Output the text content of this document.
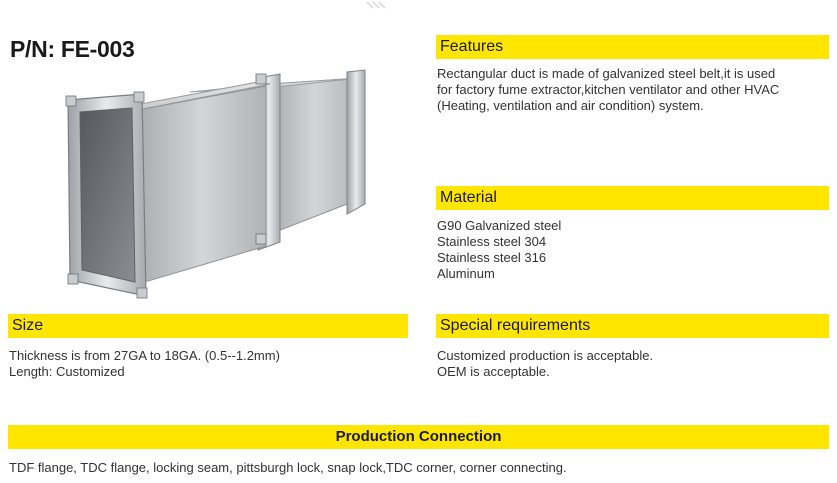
P/N: FE-003	Features
Rectangular duct is made of galvanized steel belt,it is used
for factory fume extractor,kitchen ventilator and other HVAC
(Heating, ventilation and air condition) system.
Material
G90 Galvanized steel
Stainless steel 304
Stainless steel 316
Aluminum
Size
Thickness is from 27GA to 18GA. (0.5--1.2mm)
Length: Customized
Special requirements
Customized production is acceptable.
OEM is acceptable.
Production Connection
TDF flange, TDC flange, locking seam, pittsburgh lock, snap lock,TDC corner, corner connecting.
